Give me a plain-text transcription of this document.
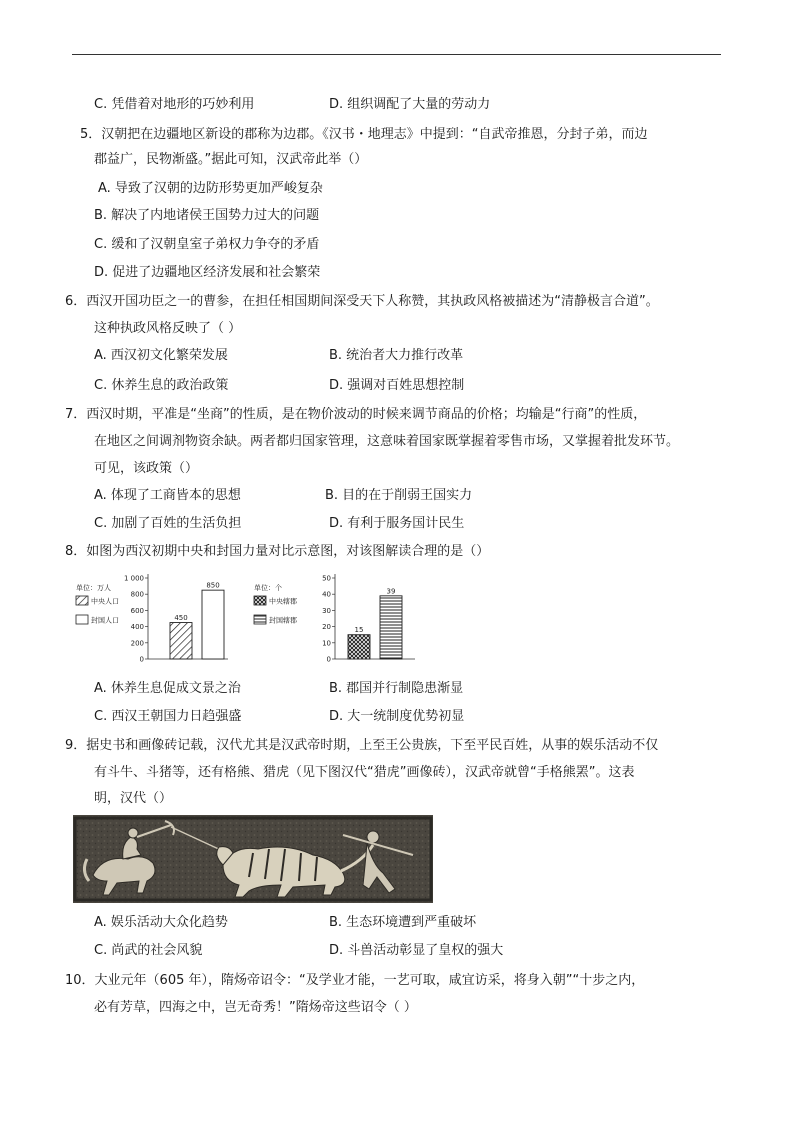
C. 凭借着对地形的巧妙利用	D. 组织调配了大量的劳动力
5．汉朝把在边疆地区新设的郡称为边郡。《汉书・地理志》中提到：“自武帝推恩，分封子弟，而边
郡益广，民物渐盛。”据此可知，汉武帝此举（）
A. 导致了汉朝的边防形势更加严峻复杂
B. 解决了内地诸侯王国势力过大的问题
C. 缓和了汉朝皇室子弟权力争夺的矛盾
D. 促进了边疆地区经济发展和社会繁荣
6．西汉开国功臣之一的曹参，在担任相国期间深受天下人称赞，其执政风格被描述为“清静极言合道”。
这种执政风格反映了（ ）
A. 西汉初文化繁荣发展	B. 统治者大力推行改革
C. 休养生息的政治政策	D. 强调对百姓思想控制
7．西汉时期，平准是“坐商”的性质，是在物价波动的时候来调节商品的价格；均输是“行商”的性质，
在地区之间调剂物资余缺。两者都归国家管理，这意味着国家既掌握着零售市场，又掌握着批发环节。
可见，该政策（）
A. 体现了工商皆本的思想	B. 目的在于削弱王国实力
C. 加剧了百姓的生活负担	D. 有利于服务国计民生
8．如图为西汉初期中央和封国力量对比示意图，对该图解读合理的是（）
0
200
400
600
800
1 000
单位：万人
中央人口
450
封国人口
850
0
10
20
30
40
50
单位：个
中央辖郡
15
封国辖郡
39
A. 休养生息促成文景之治	B. 郡国并行制隐患渐显
C. 西汉王朝国力日趋强盛	D. 大一统制度优势初显
9．据史书和画像砖记载，汉代尤其是汉武帝时期，上至王公贵族，下至平民百姓，从事的娱乐活动不仅
有斗牛、斗猪等，还有格熊、猎虎（见下图汉代“猎虎”画像砖），汉武帝就曾“手格熊罴”。这表
明，汉代（）
A. 娱乐活动大众化趋势	B. 生态环境遭到严重破坏
C. 尚武的社会风貌	D. 斗兽活动彰显了皇权的强大
10．大业元年（605 年），隋炀帝诏令：“及学业才能，一艺可取，咸宜访采，将身入朝”“十步之内，
必有芳草，四海之中，岂无奇秀！”隋炀帝这些诏令（ ）
